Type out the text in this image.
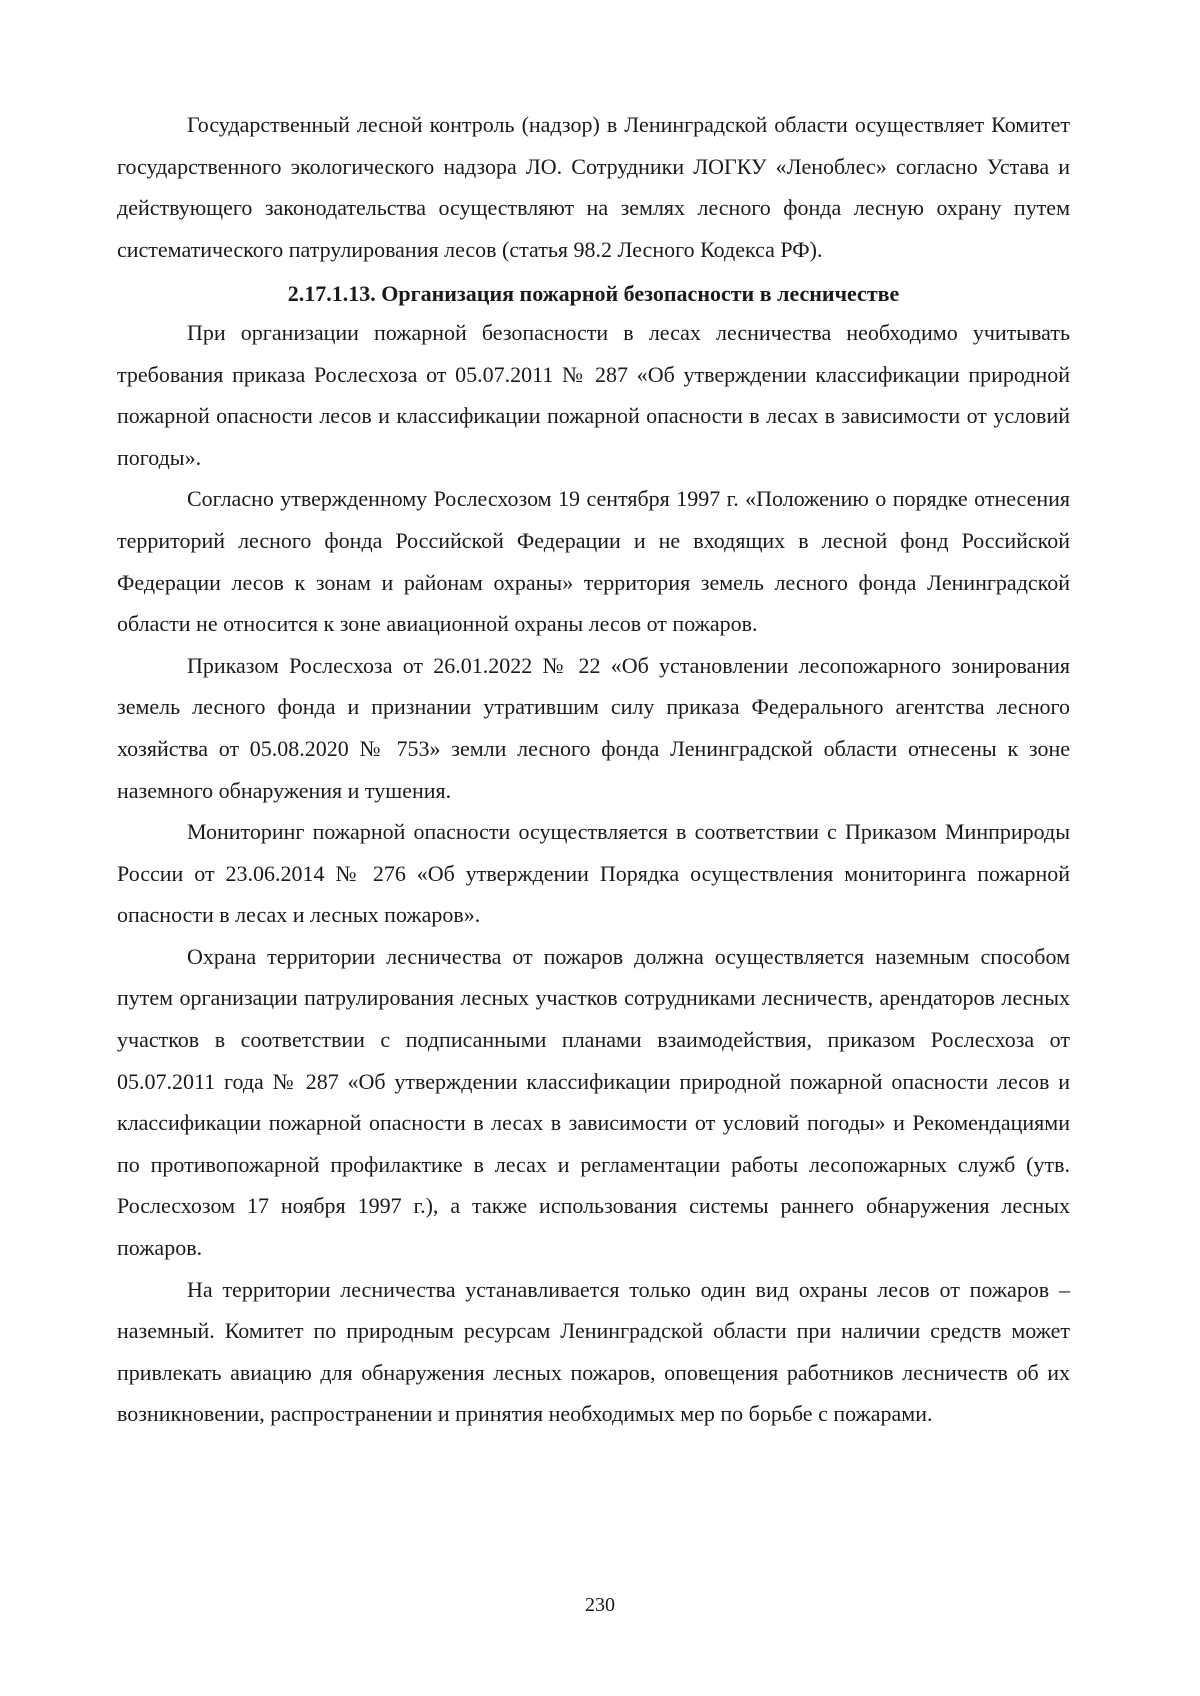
Государственный лесной контроль (надзор) в Ленинградской области осуществляет Комитет государственного экологического надзора ЛО. Сотрудники ЛОГКУ «Леноблес» согласно Устава и действующего законодательства осуществляют на землях лесного фонда лесную охрану путем систематического патрулирования лесов (статья 98.2 Лесного Кодекса РФ).

2.17.1.13. Организация пожарной безопасности в лесничестве

При организации пожарной безопасности в лесах лесничества необходимо учитывать требования приказа Рослесхоза от 05.07.2011 № 287 «Об утверждении классификации природной пожарной опасности лесов и классификации пожарной опасности в лесах в зависимости от условий погоды».

Согласно утвержденному Рослесхозом 19 сентября 1997 г. «Положению о порядке отнесения территорий лесного фонда Российской Федерации и не входящих в лесной фонд Российской Федерации лесов к зонам и районам охраны» территория земель лесного фонда Ленинградской области не относится к зоне авиационной охраны лесов от пожаров.

Приказом Рослесхоза от 26.01.2022 № 22 «Об установлении лесопожарного зонирования земель лесного фонда и признании утратившим силу приказа Федерального агентства лесного хозяйства от 05.08.2020 № 753» земли лесного фонда Ленинградской области отнесены к зоне наземного обнаружения и тушения.

Мониторинг пожарной опасности осуществляется в соответствии с Приказом Минприроды России от 23.06.2014 № 276 «Об утверждении Порядка осуществления мониторинга пожарной опасности в лесах и лесных пожаров».

Охрана территории лесничества от пожаров должна осуществляется наземным способом путем организации патрулирования лесных участков сотрудниками лесничеств, арендаторов лесных участков в соответствии с подписанными планами взаимодействия, приказом Рослесхоза от 05.07.2011 года № 287 «Об утверждении классификации природной пожарной опасности лесов и классификации пожарной опасности в лесах в зависимости от условий погоды» и Рекомендациями по противопожарной профилактике в лесах и регламентации работы лесопожарных служб (утв. Рослесхозом 17 ноября 1997 г.), а также использования системы раннего обнаружения лесных пожаров.

На территории лесничества устанавливается только один вид охраны лесов от пожаров – наземный. Комитет по природным ресурсам Ленинградской области при наличии средств может привлекать авиацию для обнаружения лесных пожаров, оповещения работников лесничеств об их возникновении, распространении и принятия необходимых мер по борьбе с пожарами.

230
